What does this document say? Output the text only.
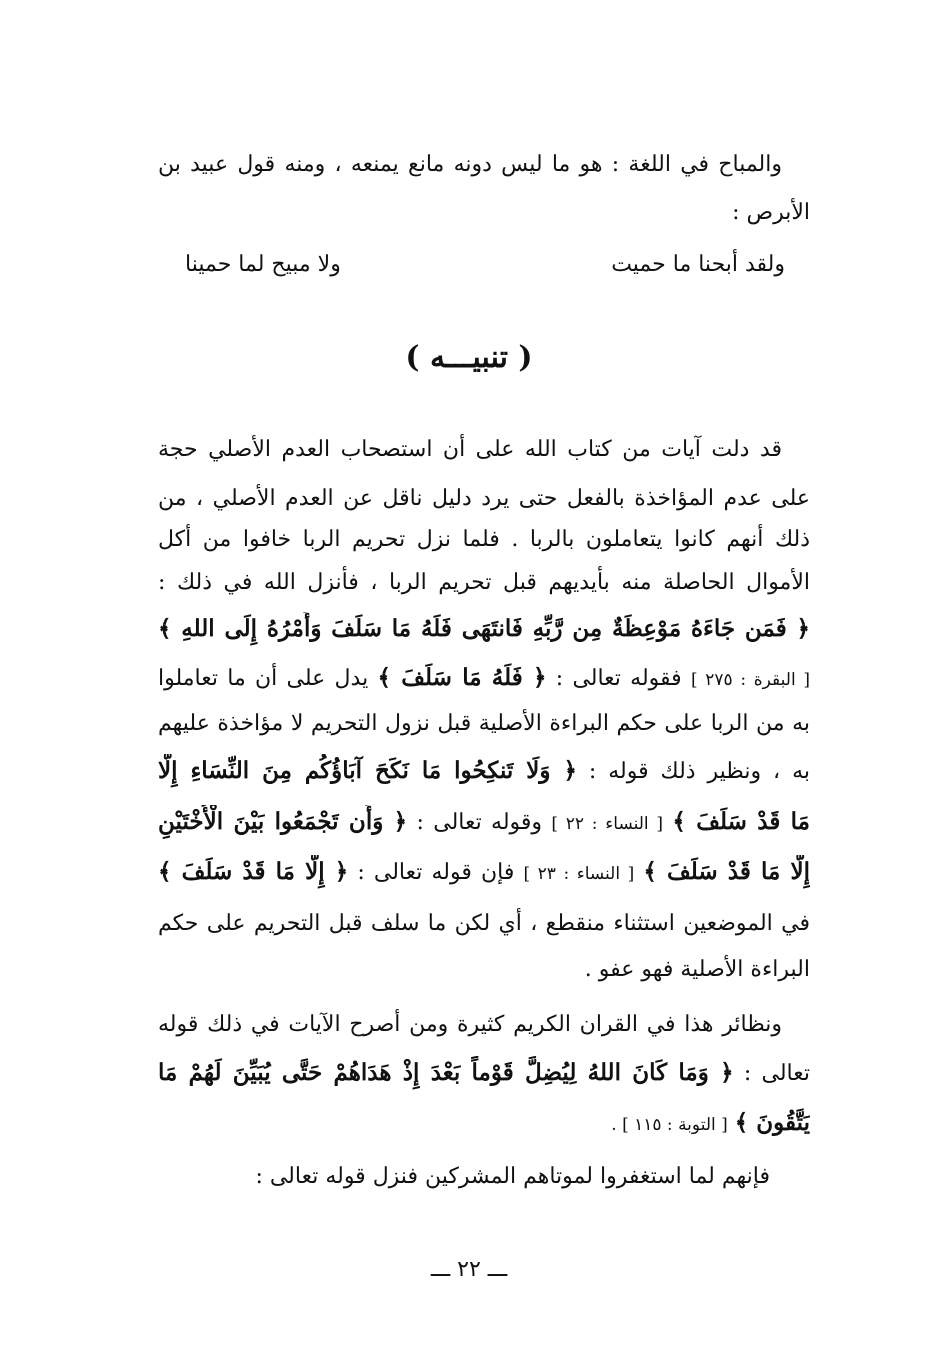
والمباح في اللغة : هو ما ليس دونه مانع يمنعه ، ومنه قول عبيد بن
الأبرص :
ولقد أبحنا ما حميت
ولا مبيح لما حمينا
( تنبيـــه )
قد دلت آيات من كتاب الله على أن استصحاب العدم الأصلي حجة
على عدم المؤاخذة بالفعل حتى يرد دليل ناقل عن العدم الأصلي ، من
ذلك أنهم كانوا يتعاملون بالربا . فلما نزل تحريم الربا خافوا من أكل
الأموال الحاصلة منه بأيديهم قبل تحريم الربا ، فأنزل الله في ذلك :
﴿ فَمَن جَاءَهُ مَوْعِظَةٌ مِن رَّبِّهِ فَانتَهَى فَلَهُ مَا سَلَفَ وَأَمْرُهُ إِلَى اللهِ ﴾
[ البقرة : ٢٧٥ ] فقوله تعالى : ﴿ فَلَهُ مَا سَلَفَ ﴾ يدل على أن ما تعاملوا
به من الربا على حكم البراءة الأصلية قبل نزول التحريم لا مؤاخذة عليهم
به ، ونظير ذلك قوله : ﴿ وَلَا تَنكِحُوا مَا نَكَحَ آبَاؤُكُم مِنَ النِّسَاءِ إِلَّا
مَا قَدْ سَلَفَ ﴾ [ النساء : ٢٢ ] وقوله تعالى : ﴿ وَأَن تَجْمَعُوا بَيْنَ الْأُخْتَيْنِ
إِلَّا مَا قَدْ سَلَفَ ﴾ [ النساء : ٢٣ ] فإن قوله تعالى : ﴿ إِلَّا مَا قَدْ سَلَفَ ﴾
في الموضعين استثناء منقطع ، أي لكن ما سلف قبل التحريم على حكم
البراءة الأصلية فهو عفو .
ونظائر هذا في القران الكريم كثيرة ومن أصرح الآيات في ذلك قوله
تعالى : ﴿ وَمَا كَانَ اللهُ لِيُضِلَّ قَوْماً بَعْدَ إِذْ هَدَاهُمْ حَتَّى يُبَيِّنَ لَهُمْ مَا
يَتَّقُونَ ﴾ [ التوبة : ١١٥ ] .
فإنهم لما استغفروا لموتاهم المشركين فنزل قوله تعالى :
ـــ ٢٢ ـــ
